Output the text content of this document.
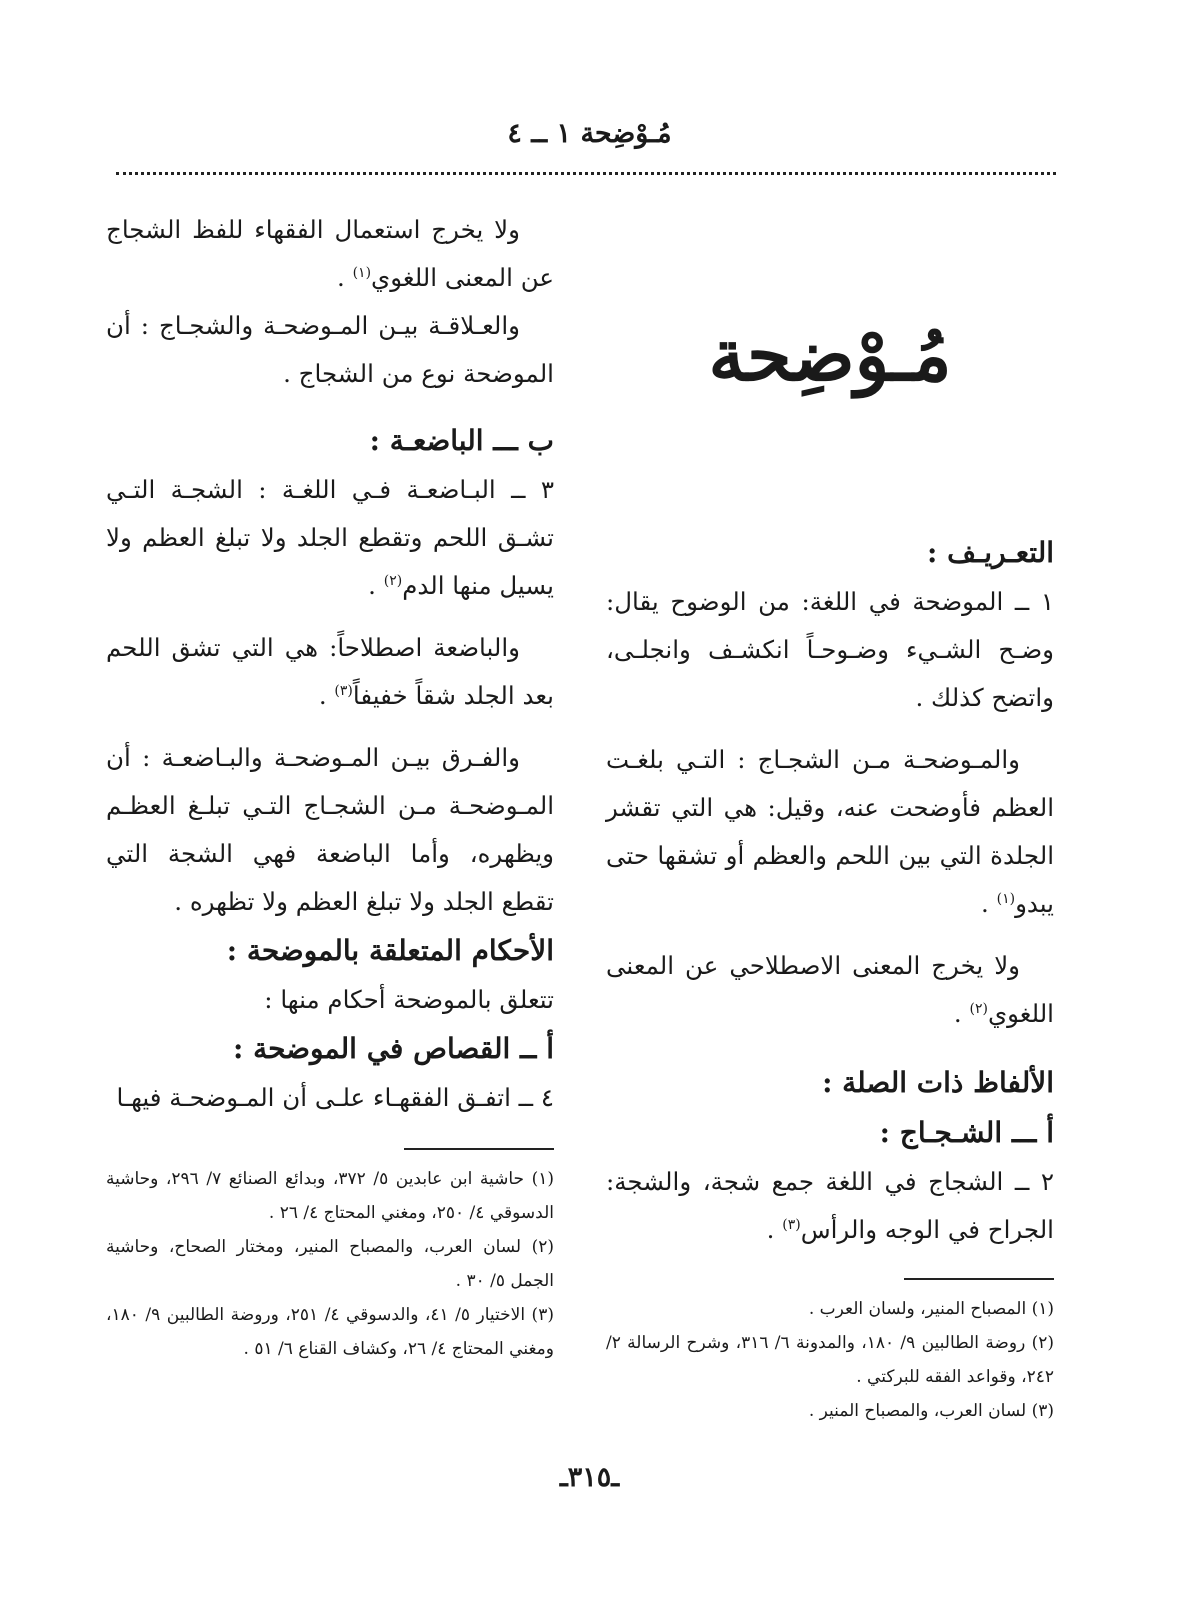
مُـوْضِحة ١ ــ ٤
مُـوْضِحة
التعـريـف :

١ ــ الموضحة في اللغة: من الوضوح يقال: وضـح الشـيء وضـوحـاً انكشـف وانجلـى، واتضح كذلك .

والمـوضحـة مـن الشجـاج : التـي بلغـت العظم فأوضحت عنه، وقيل: هي التي تقشر الجلدة التي بين اللحم والعظم أو تشقها حتى يبدو$^{(١)}$ .

ولا يخرج المعنى الاصطلاحي عن المعنى اللغوي$^{(٢)}$ .

الألفاظ ذات الصلة :
أ ـــ الشـجـاج :

٢ ــ الشجاج في اللغة جمع شجة، والشجة: الجراح في الوجه والرأس$^{(٣)}$ .

(١) المصباح المنير، ولسان العرب .

(٢) روضة الطالبين ٩/ ١٨٠، والمدونة ٦/ ٣١٦، وشرح الرسالة ٢/ ٢٤٢، وقواعد الفقه للبركتي .

(٣) لسان العرب، والمصباح المنير .

ولا يخرج استعمال الفقهاء للفظ الشجاج عن المعنى اللغوي$^{(١)}$ .

والعـلاقـة بيـن المـوضحـة والشجـاج : أن الموضحة نوع من الشجاج .

ب ـــ الباضعـة :

٣ ــ البـاضعـة فـي اللغـة : الشجـة التـي تشـق اللحم وتقطع الجلد ولا تبلغ العظم ولا يسيل منها الدم$^{(٢)}$ .

والباضعة اصطلاحاً: هي التي تشق اللحم بعد الجلد شقاً خفيفاً$^{(٣)}$ .

والفـرق بيـن المـوضحـة والبـاضعـة : أن المـوضحـة مـن الشجـاج التـي تبلـغ العظـم ويظهره، وأما الباضعة فهي الشجة التي تقطع الجلد ولا تبلغ العظم ولا تظهره .

الأحكام المتعلقة بالموضحة :

تتعلق بالموضحة أحكام منها :

أ ــ القصاص في الموضحة :

٤ ــ اتفـق الفقهـاء علـى أن المـوضحـة فيهـا

(١) حاشية ابن عابدين ٥/ ٣٧٢، وبدائع الصنائع ٧/ ٢٩٦، وحاشية الدسوقي ٤/ ٢٥٠، ومغني المحتاج ٤/ ٢٦ .

(٢) لسان العرب، والمصباح المنير، ومختار الصحاح، وحاشية الجمل ٥/ ٣٠ .

(٣) الاختيار ٥/ ٤١، والدسوقي ٤/ ٢٥١، وروضة الطالبين ٩/ ١٨٠، ومغني المحتاج ٤/ ٢٦، وكشاف القناع ٦/ ٥١ .

ـ٣١٥ـ
